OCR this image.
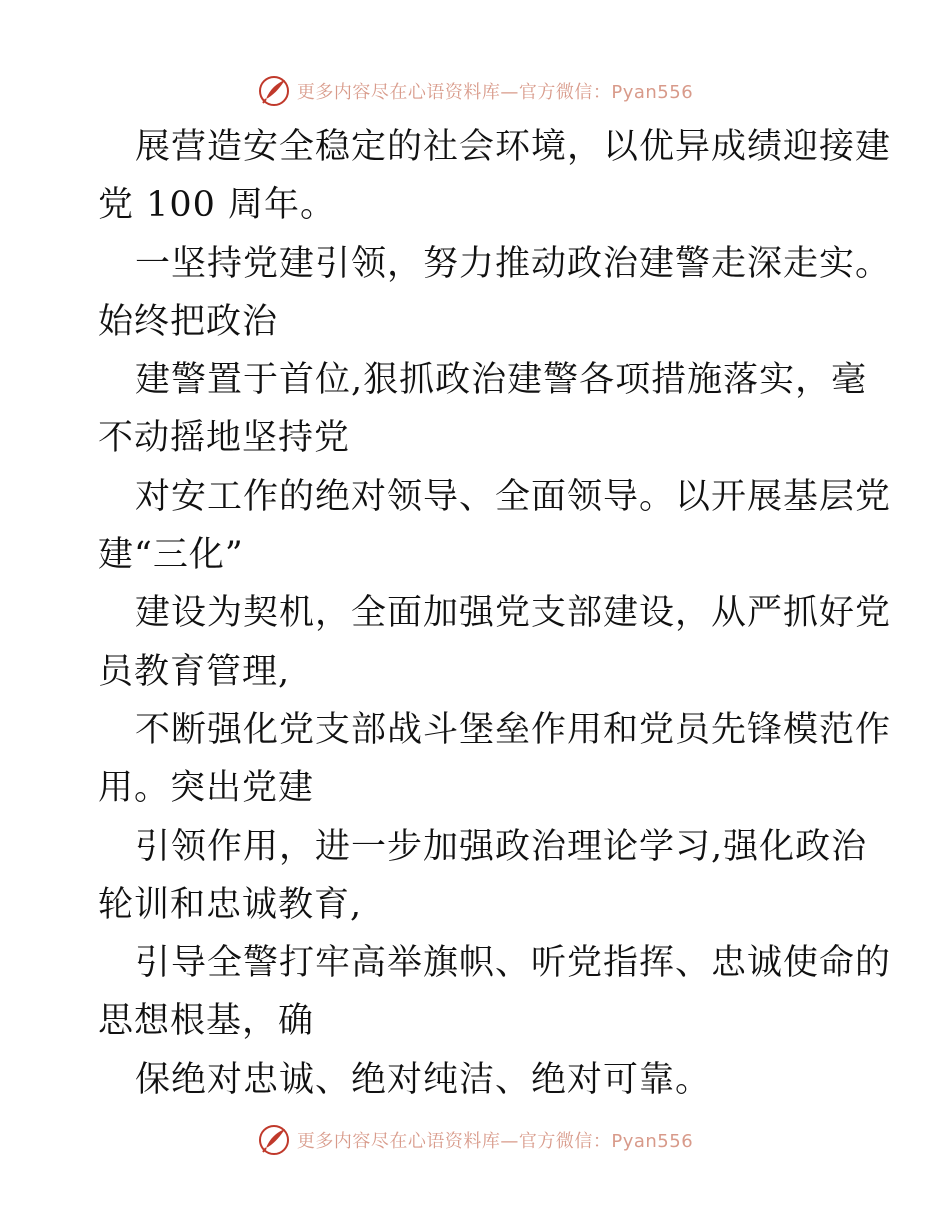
更多内容尽在心语资料库—官方微信：Pyan556
展营造安全稳定的社会环境，以优异成绩迎接建
党 100 周年。
一坚持党建引领，努力推动政治建警走深走实。
始终把政治
建警置于首位,狠抓政治建警各项措施落实，毫
不动摇地坚持党
对安工作的绝对领导、全面领导。以开展基层党
建“三化”
建设为契机，全面加强党支部建设，从严抓好党
员教育管理,
不断强化党支部战斗堡垒作用和党员先锋模范作
用。突出党建
引领作用，进一步加强政治理论学习,强化政治
轮训和忠诚教育,
引导全警打牢高举旗帜、听党指挥、忠诚使命的
思想根基，确
保绝对忠诚、绝对纯洁、绝对可靠。
更多内容尽在心语资料库—官方微信：Pyan556
